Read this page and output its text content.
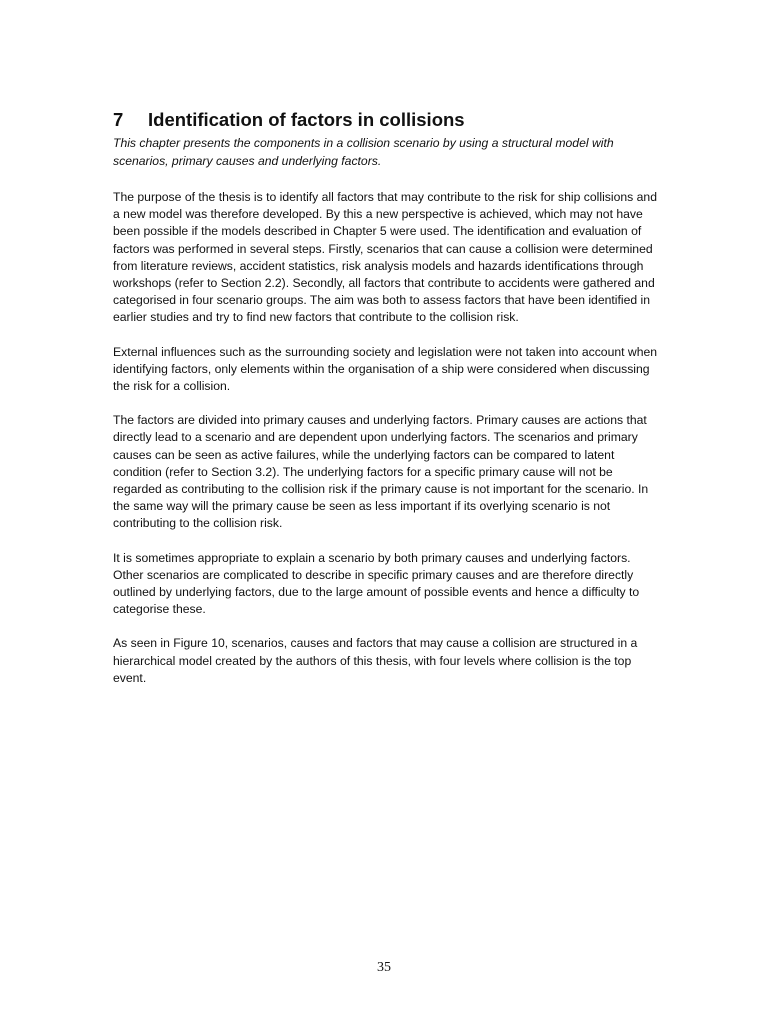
7	Identification of factors in collisions

This chapter presents the components in a collision scenario by using a structural model with scenarios, primary causes and underlying factors.

The purpose of the thesis is to identify all factors that may contribute to the risk for ship collisions and a new model was therefore developed. By this a new perspective is achieved, which may not have been possible if the models described in Chapter 5 were used. The identification and evaluation of factors was performed in several steps. Firstly, scenarios that can cause a collision were determined from literature reviews, accident statistics, risk analysis models and hazards identifications through workshops (refer to Section 2.2). Secondly, all factors that contribute to accidents were gathered and categorised in four scenario groups. The aim was both to assess factors that have been identified in earlier studies and try to find new factors that contribute to the collision risk.

External influences such as the surrounding society and legislation were not taken into account when identifying factors, only elements within the organisation of a ship were considered when discussing the risk for a collision.

The factors are divided into primary causes and underlying factors. Primary causes are actions that directly lead to a scenario and are dependent upon underlying factors. The scenarios and primary causes can be seen as active failures, while the underlying factors can be compared to latent condition (refer to Section 3.2). The underlying factors for a specific primary cause will not be regarded as contributing to the collision risk if the primary cause is not important for the scenario. In the same way will the primary cause be seen as less important if its overlying scenario is not contributing to the collision risk.

It is sometimes appropriate to explain a scenario by both primary causes and underlying factors. Other scenarios are complicated to describe in specific primary causes and are therefore directly outlined by underlying factors, due to the large amount of possible events and hence a difficulty to categorise these.

As seen in Figure 10, scenarios, causes and factors that may cause a collision are structured in a hierarchical model created by the authors of this thesis, with four levels where collision is the top event.

35
